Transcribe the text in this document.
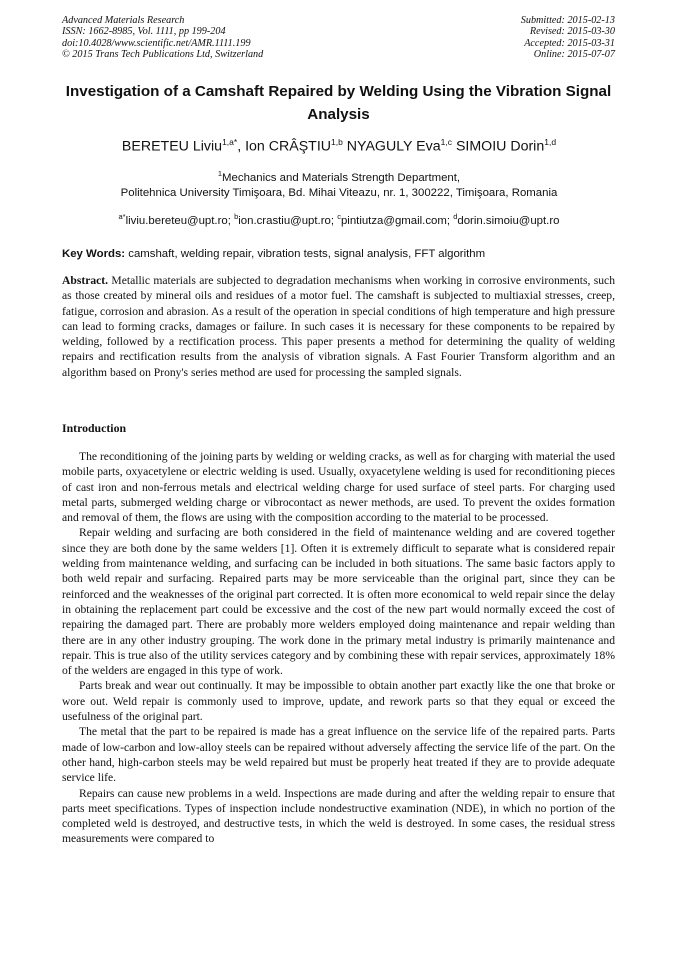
Advanced Materials Research
ISSN: 1662-8985, Vol. 1111, pp 199-204
doi:10.4028/www.scientific.net/AMR.1111.199
© 2015 Trans Tech Publications Ltd, Switzerland
Submitted: 2015-02-13
Revised: 2015-03-30
Accepted: 2015-03-31
Online: 2015-07-07
Investigation of a Camshaft Repaired by Welding Using the Vibration Signal Analysis
BERETEU Liviu$^{1,a*}$, Ion CRÂŞTIU$^{1,b}$ NYAGULY Eva$^{1,c}$ SIMOIU Dorin$^{1,d}$
$^1$Mechanics and Materials Strength Department,
Politehnica University Timişoara, Bd. Mihai Viteazu, nr. 1, 300222, Timişoara, Romania
$^{a*}$liviu.bereteu@upt.ro; $^b$ion.crastiu@upt.ro; $^c$pintiutza@gmail.com; $^d$dorin.simoiu@upt.ro
Key Words: camshaft, welding repair, vibration tests, signal analysis, FFT algorithm
Abstract. Metallic materials are subjected to degradation mechanisms when working in corrosive environments, such as those created by mineral oils and residues of a motor fuel. The camshaft is subjected to multiaxial stresses, creep, fatigue, corrosion and abrasion. As a result of the operation in special conditions of high temperature and high pressure can lead to forming cracks, damages or failure. In such cases it is necessary for these components to be repaired by welding, followed by a rectification process. This paper presents a method for determining the quality of welding repairs and rectification results from the analysis of vibration signals. A Fast Fourier Transform algorithm and an algorithm based on Prony's series method are used for processing the sampled signals.
Introduction

The reconditioning of the joining parts by welding or welding cracks, as well as for charging with material the used mobile parts, oxyacetylene or electric welding is used. Usually, oxyacetylene welding is used for reconditioning pieces of cast iron and non-ferrous metals and electrical welding charge for used surface of steel parts. For charging used metal parts, submerged welding charge or vibrocontact as newer methods, are used. To prevent the oxides formation and removal of them, the flows are using with the composition according to the material to be processed.

Repair welding and surfacing are both considered in the field of maintenance welding and are covered together since they are both done by the same welders [1]. Often it is extremely difficult to separate what is considered repair welding from maintenance welding, and surfacing can be included in both situations. The same basic factors apply to both weld repair and surfacing. Repaired parts may be more serviceable than the original part, since they can be reinforced and the weaknesses of the original part corrected. It is often more economical to weld repair since the delay in obtaining the replacement part could be excessive and the cost of the new part would normally exceed the cost of repairing the damaged part. There are probably more welders employed doing maintenance and repair welding than there are in any other industry grouping. The work done in the primary metal industry is primarily maintenance and repair. This is true also of the utility services category and by combining these with repair services, approximately 18% of the welders are engaged in this type of work.

Parts break and wear out continually. It may be impossible to obtain another part exactly like the one that broke or wore out. Weld repair is commonly used to improve, update, and rework parts so that they equal or exceed the usefulness of the original part.

The metal that the part to be repaired is made has a great influence on the service life of the repaired parts. Parts made of low-carbon and low-alloy steels can be repaired without adversely affecting the service life of the part. On the other hand, high-carbon steels may be weld repaired but must be properly heat treated if they are to provide adequate service life.

Repairs can cause new problems in a weld. Inspections are made during and after the welding repair to ensure that parts meet specifications. Types of inspection include nondestructive examination (NDE), in which no portion of the completed weld is destroyed, and destructive tests, in which the weld is destroyed. In some cases, the residual stress measurements were compared to
